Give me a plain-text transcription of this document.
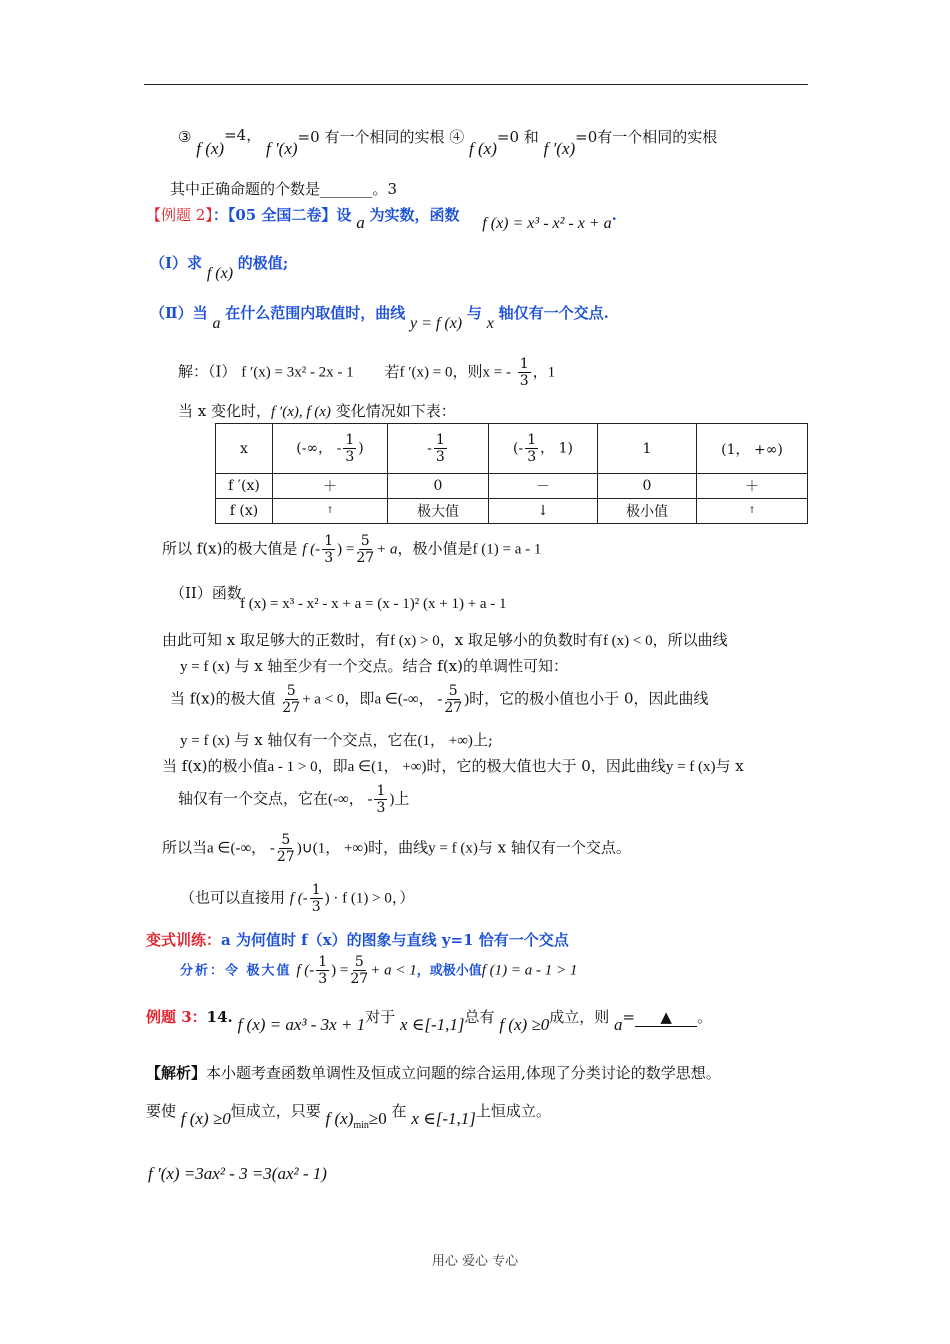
③ f (x)=4， f ′(x)=0 有一个相同的实根 ④ f (x)=0 和 f ′(x)=0有一个相同的实根
其中正确命题的个数是_______。3
【例题 2】：【05 全国二卷】设 a 为实数，函数 f (x) = x³ - x² - x + a.
（Ⅰ）求 f (x) 的极值;
（Ⅱ）当 a 在什么范围内取值时，曲线 y = f (x) 与 x 轴仅有一个交点.
解：（I） f ′(x) = 3x² - 2x - 1 若f ′(x) = 0，则x = - $\frac{1}{3}$ ，1
当 x 变化时，f ′(x), f (x) 变化情况如下表：
x	(-∞， - $\frac{1}{3}$ )	- $\frac{1}{3}$	(- $\frac{1}{3}$ ， 1)	1	(1， +∞)
f ′(x)	＋	0	－	0	＋
f (x)	↑	极大值	↓	极小值	↑
所以 f(x)的极大值是 f (- $\frac{1}{3}$ ) = $\frac{5}{27} + a$，极小值是f (1) = a - 1
（II）函数
f (x) = x³ - x² - x + a = (x - 1)² (x + 1) + a - 1
由此可知 x 取足够大的正数时，有f (x) > 0，x 取足够小的负数时有f (x) < 0，所以曲线
y = f (x) 与 x 轴至少有一个交点。结合 f(x)的单调性可知：
当 f(x)的极大值 $\frac{5}{27} + a < 0$，即a ∈(-∞， - $\frac{5}{27}$ )时，它的极小值也小于 0，因此曲线
y = f (x) 与 x 轴仅有一个交点，它在(1， +∞)上;
当 f(x)的极小值a - 1 > 0，即a ∈(1， +∞)时，它的极大值也大于 0，因此曲线y = f (x)与 x
轴仅有一个交点，它在(-∞， - $\frac{1}{3}$ )上
所以当a ∈(-∞， - $\frac{5}{27}$ )∪(1， +∞)时，曲线y = f (x)与 x 轴仅有一个交点。
（也可以直接用 f (- $\frac{1}{3}$ ) · f (1) > 0，）
变式训练：a 为何值时 f（x）的图象与直线 y=1 恰有一个交点
分析：令 极大值 f (- $\frac{1}{3}$ ) = $\frac{5}{27} + a < 1$，或极小值f (1) = a - 1 > 1
例题 3：14. f (x) = ax³ - 3x + 1对于 x ∈[-1,1]总有 f (x) ≥0成立，则 a= ▲ 。
【解析】本小题考查函数单调性及恒成立问题的综合运用,体现了分类讨论的数学思想。
要使 f (x) ≥0恒成立，只要 f $(x)_{min}\ge 0$ 在 x ∈[-1,1]上恒成立。
f ′(x) =3ax² - 3 =3(ax² - 1)
用心 爱心 专心
